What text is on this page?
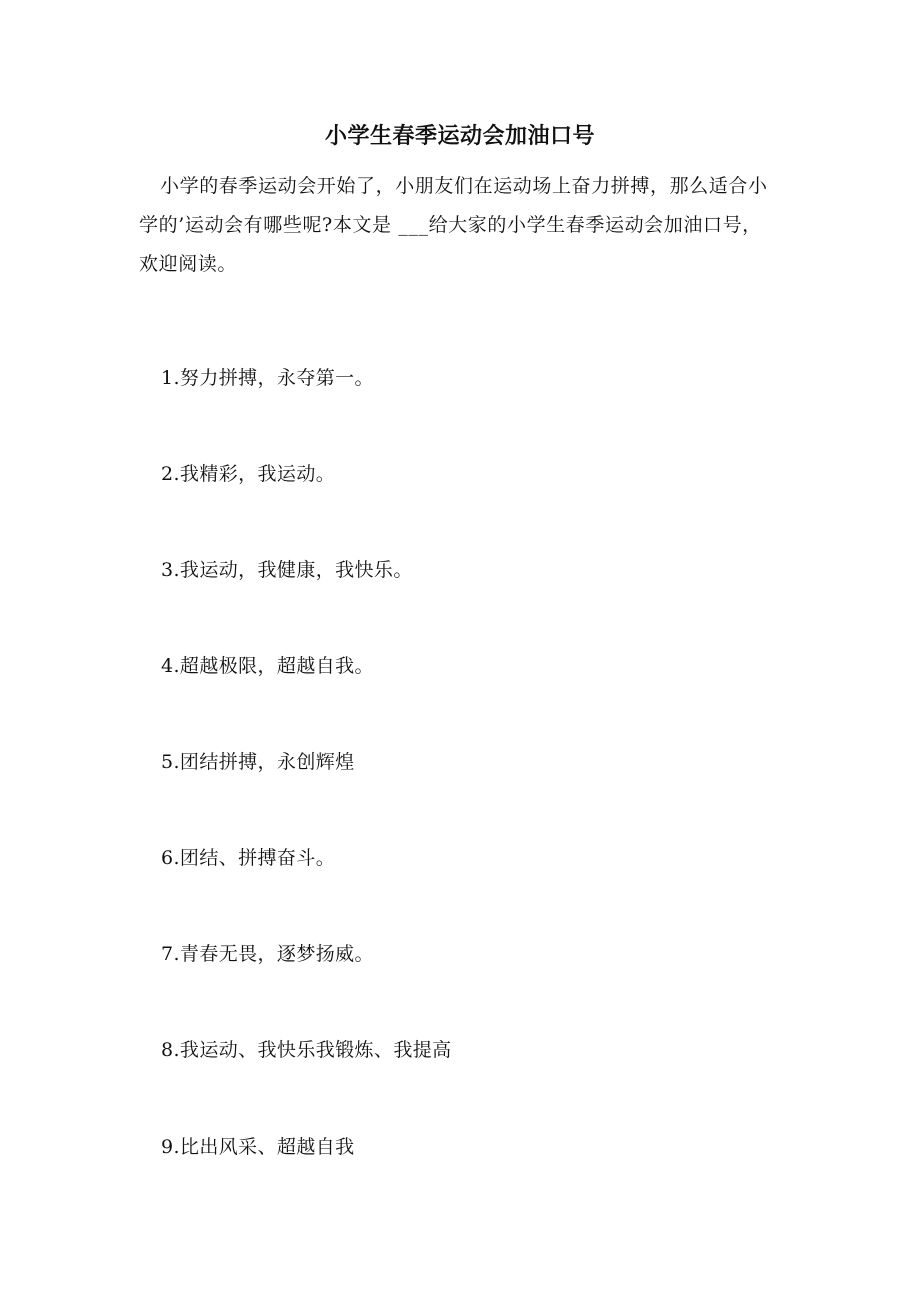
小学生春季运动会加油口号
小学的春季运动会开始了，小朋友们在运动场上奋力拼搏，那么适合小学的’运动会有哪些呢?本文是 ___给大家的小学生春季运动会加油口号，欢迎阅读。
1.努力拼搏，永夺第一。
2.我精彩，我运动。
3.我运动，我健康，我快乐。
4.超越极限，超越自我。
5.团结拼搏，永创辉煌
6.团结、拼搏奋斗。
7.青春无畏，逐梦扬威。
8.我运动、我快乐我锻炼、我提高
9.比出风采、超越自我
